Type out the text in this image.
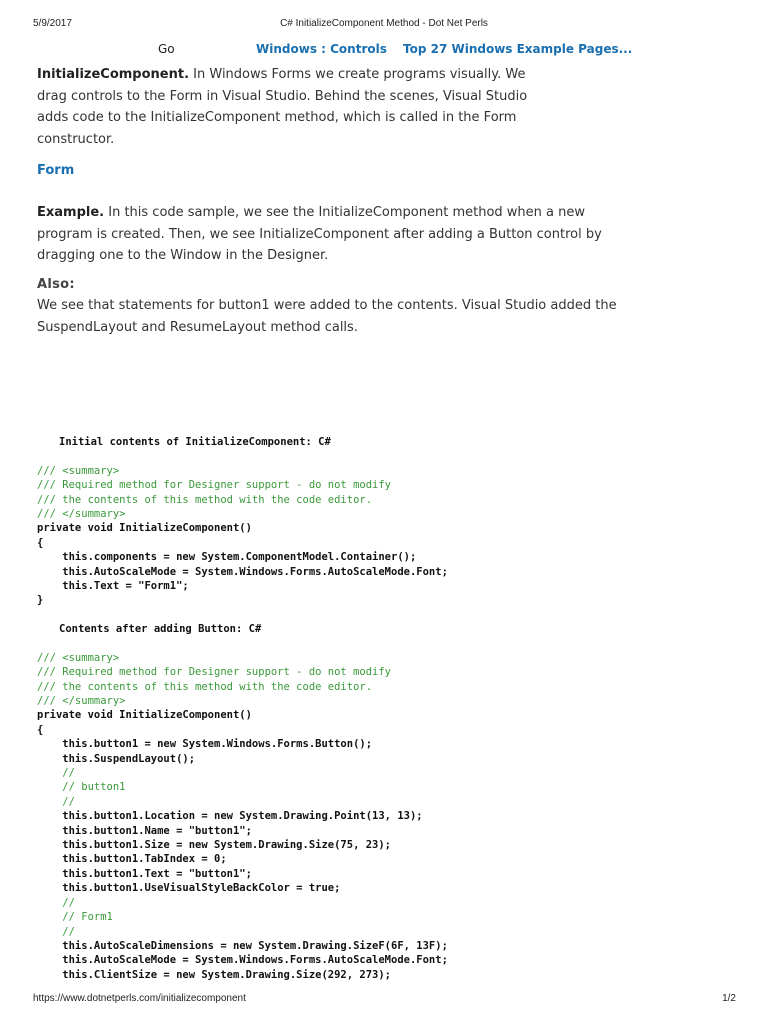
5/9/2017	C# InitializeComponent Method - Dot Net Perls
Go	Windows : Controls Top 27 Windows Example Pages...

InitializeComponent. In Windows Forms we create programs visually. We drag controls to the Form in Visual Studio. Behind the scenes, Visual Studio adds code to the InitializeComponent method, which is called in the Form constructor.

Form

Example. In this code sample, we see the InitializeComponent method when a new program is created. Then, we see InitializeComponent after adding a Button control by dragging one to the Window in the Designer.

Also:

We see that statements for button1 were added to the contents. Visual Studio added the SuspendLayout and ResumeLayout method calls.

Initial contents of InitializeComponent: C#
/// <summary>
/// Required method for Designer support - do not modify
/// the contents of this method with the code editor.
/// </summary>
private void InitializeComponent()
{
this.components = new System.ComponentModel.Container();
this.AutoScaleMode = System.Windows.Forms.AutoScaleMode.Font;
this.Text = "Form1";
}
Contents after adding Button: C#
/// <summary>
/// Required method for Designer support - do not modify
/// the contents of this method with the code editor.
/// </summary>
private void InitializeComponent()
{
this.button1 = new System.Windows.Forms.Button();
this.SuspendLayout();
//
// button1
//
this.button1.Location = new System.Drawing.Point(13, 13);
this.button1.Name = "button1";
this.button1.Size = new System.Drawing.Size(75, 23);
this.button1.TabIndex = 0;
this.button1.Text = "button1";
this.button1.UseVisualStyleBackColor = true;
//
// Form1
//
this.AutoScaleDimensions = new System.Drawing.SizeF(6F, 13F);
this.AutoScaleMode = System.Windows.Forms.AutoScaleMode.Font;
this.ClientSize = new System.Drawing.Size(292, 273);
https://www.dotnetperls.com/initializecomponent	1/2
